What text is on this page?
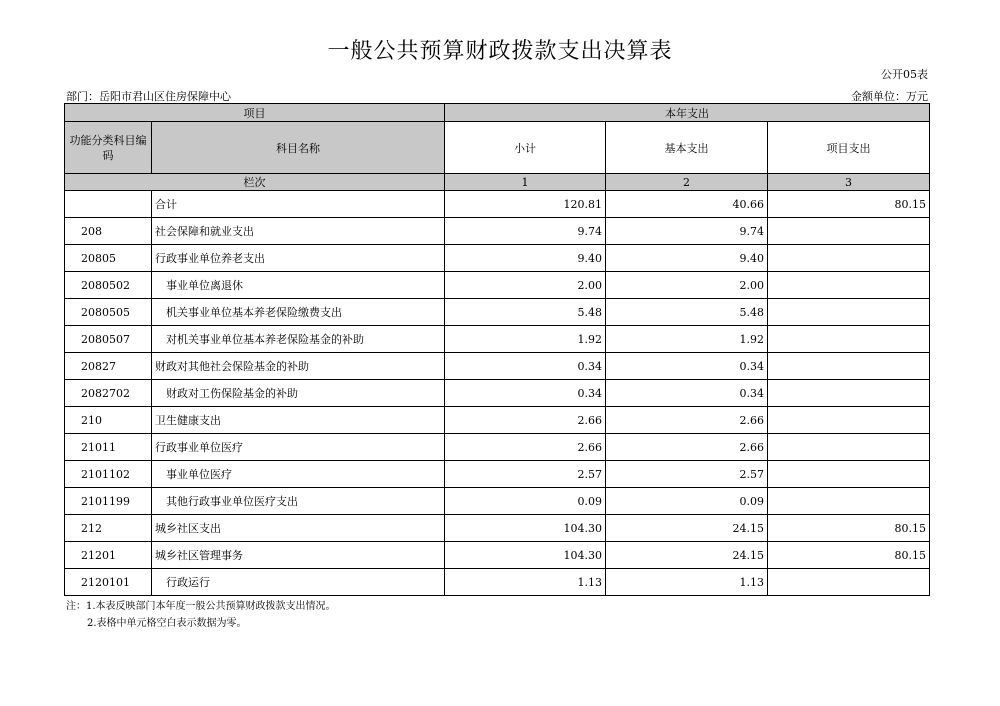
一般公共预算财政拨款支出决算表
公开05表
部门：岳阳市君山区住房保障中心	金额单位：万元
项目		本年支出		
功能分类科目编码	科目名称	小计	基本支出	项目支出
栏次		1	2	3
	合计	120.81	40.66	80.15
208	社会保障和就业支出	9.74	9.74	
20805	行政事业单位养老支出	9.40	9.40	
2080502	事业单位离退休	2.00	2.00	
2080505	机关事业单位基本养老保险缴费支出	5.48	5.48	
2080507	对机关事业单位基本养老保险基金的补助	1.92	1.92	
20827	财政对其他社会保险基金的补助	0.34	0.34	
2082702	财政对工伤保险基金的补助	0.34	0.34	
210	卫生健康支出	2.66	2.66	
21011	行政事业单位医疗	2.66	2.66	
2101102	事业单位医疗	2.57	2.57	
2101199	其他行政事业单位医疗支出	0.09	0.09	
212	城乡社区支出	104.30	24.15	80.15
21201	城乡社区管理事务	104.30	24.15	80.15
2120101	行政运行	1.13	1.13	
注：1.本表反映部门本年度一般公共预算财政拨款支出情况。
2.表格中单元格空白表示数据为零。
